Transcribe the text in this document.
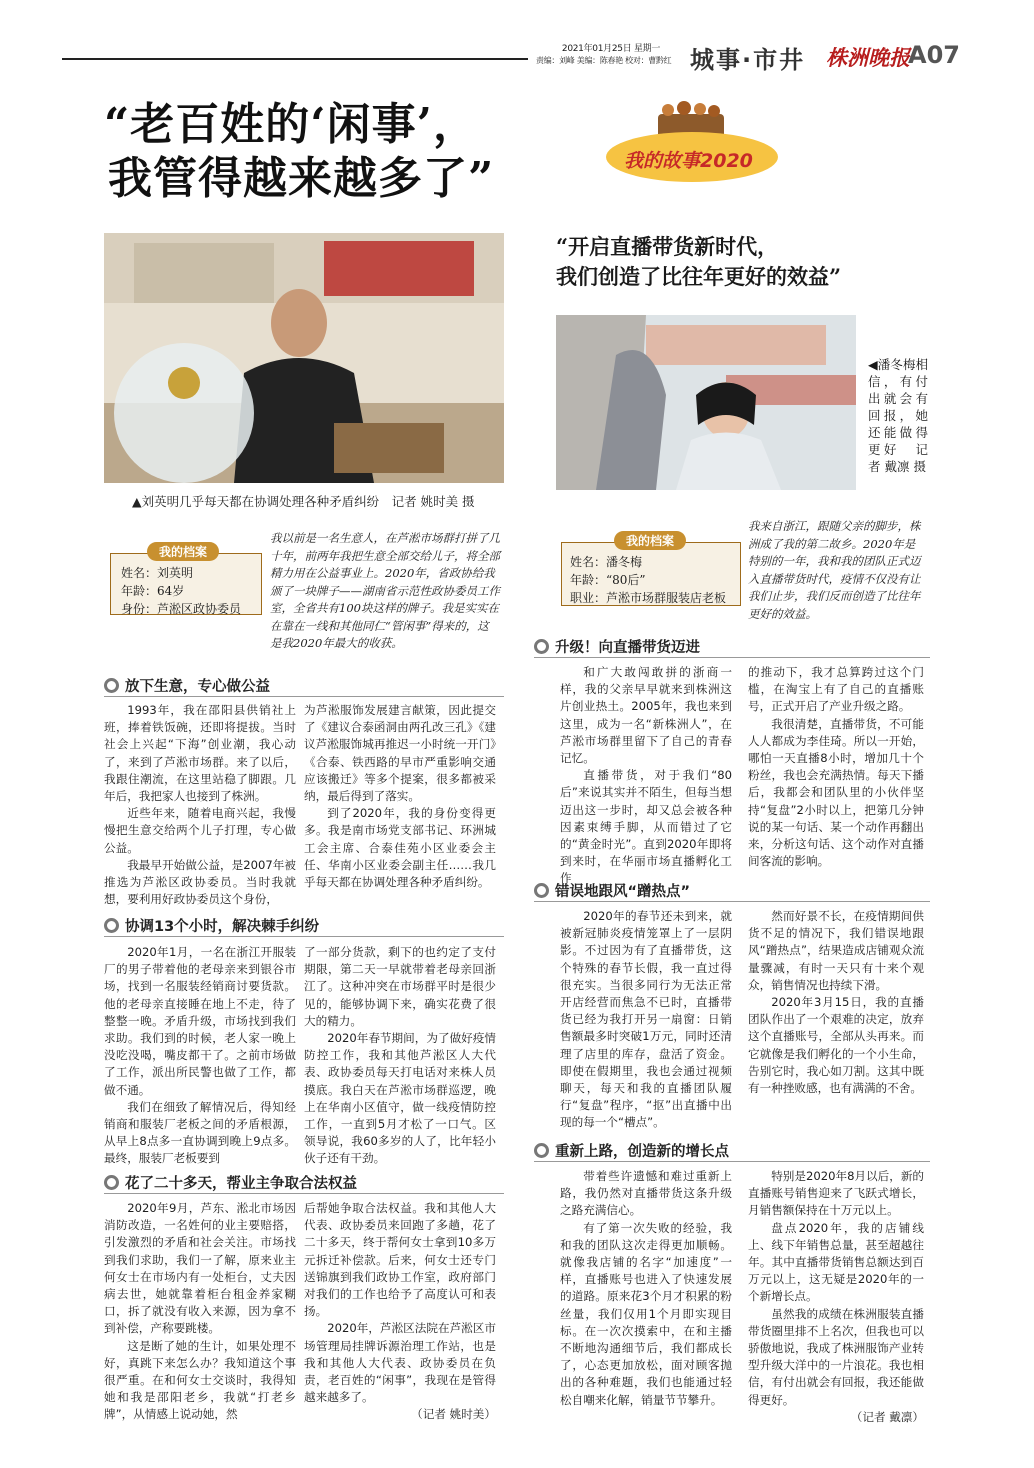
2021年01月25日 星期一
责编：刘峰 美编：陈春艳 校对：曹黔红 城事·市井 株洲晚报
A07
“老百姓的‘闲事’，
我管得越来越多了”	我的故事2020
▲刘英明几乎每天都在协调处理各种矛盾纠纷　记者 姚时美 摄
我的档案
姓名：刘英明
年龄：64岁
身份：芦淞区政协委员
我以前是一名生意人，在芦淞市场群打拼了几十年，前两年我把生意全部交给儿子，将全部精力用在公益事业上。2020年，省政协给我颁了一块牌子——湖南省示范性政协委员工作室，全省共有100块这样的牌子。我是实实在在靠在一线和其他同仁“管闲事”得来的，这是我2020年最大的收获。
放下生意，专心做公益

1993年，我在邵阳县供销社上班，捧着铁饭碗，还即将提拔。当时社会上兴起“下海”创业潮，我心动了，来到了芦淞市场群。来了以后，我跟住潮流，在这里站稳了脚跟。几年后，我把家人也接到了株洲。

近些年来，随着电商兴起，我慢慢把生意交给两个儿子打理，专心做公益。

我最早开始做公益，是2007年被推选为芦淞区政协委员。当时我就想，要利用好政协委员这个身份，

为芦淞服饰发展建言献策，因此提交了《建议合泰函洞由两孔改三孔》《建议芦淞服饰城再推迟一小时统一开门》《合泰、铁西路的早市严重影响交通应该搬迁》等多个提案，很多都被采纳，最后得到了落实。

到了2020年，我的身份变得更多。我是南市场党支部书记、环洲城工会主席、合泰佳苑小区业委会主任、华南小区业委会副主任……我几乎每天都在协调处理各种矛盾纠纷。

协调13个小时，解决棘手纠纷

2020年1月，一名在浙江开服装厂的男子带着他的老母亲来到银谷市场，找到一名服装经销商讨要货款。他的老母亲直接睡在地上不走，待了整整一晚。矛盾升级，市场找到我们求助。我们到的时候，老人家一晚上没吃没喝，嘴皮都干了。之前市场做了工作，派出所民警也做了工作，都做不通。

我们在细致了解情况后，得知经销商和服装厂老板之间的矛盾根源，从早上8点多一直协调到晚上9点多。最终，服装厂老板要到

了一部分货款，剩下的也约定了支付期限，第二天一早就带着老母亲回浙江了。这种冲突在市场群平时是很少见的，能够协调下来，确实花费了很大的精力。

2020年春节期间，为了做好疫情防控工作，我和其他芦淞区人大代表、政协委员每天打电话对来株人员摸底。我白天在芦淞市场群巡逻，晚上在华南小区值守，做一线疫情防控工作，一直到5月才松了一口气。区领导说，我60多岁的人了，比年轻小伙子还有干劲。

花了二十多天，帮业主争取合法权益

2020年9月，芦东、淞北市场因消防改造，一名姓何的业主要赔搭，引发激烈的矛盾和社会关注。市场找到我们求助，我们一了解，原来业主何女士在市场内有一处柜台，丈夫因病去世，她就靠着柜台租金养家糊口，拆了就没有收入来源，因为拿不到补偿，产称要跳楼。

这是断了她的生计，如果处理不好，真跳下来怎么办？我知道这个事很严重。在和何女士交谈时，我得知她和我是邵阳老乡，我就“打老乡牌”，从情感上说动她，然

后帮她争取合法权益。我和其他人大代表、政协委员来回跑了多趟，花了二十多天，终于帮何女士拿到10多万元拆迁补偿款。后来，何女士还专门送锦旗到我们政协工作室，政府部门对我们的工作也给予了高度认可和表扬。

2020年，芦淞区法院在芦淞区市场管理局挂牌诉源治理工作站，也是我和其他人大代表、政协委员在负责，老百姓的“闲事”，我现在是管得越来越多了。

（记者 姚时美）
“开启直播带货新时代，
我们创造了比往年更好的效益”
◀潘冬梅相信，有付出就会有回报，她还能做得更好　记者 戴凛 摄
我的档案
姓名：潘冬梅
年龄：“80后”
职业：芦淞市场群服装店老板
我来自浙江，跟随父亲的脚步，株洲成了我的第二故乡。2020年是特别的一年，我和我的团队正式迈入直播带货时代，疫情不仅没有让我们止步，我们反而创造了比往年更好的效益。
升级！向直播带货迈进

和广大敢闯敢拼的浙商一样，我的父亲早早就来到株洲这片创业热土。2005年，我也来到这里，成为一名“新株洲人”，在芦淞市场群里留下了自己的青春记忆。

直播带货，对于我们“80后”来说其实并不陌生，但每当想迈出这一步时，却又总会被各种因素束缚手脚，从而错过了它的“黄金时光”。直到2020年即将到来时，在华丽市场直播孵化工作

的推动下，我才总算跨过这个门槛，在淘宝上有了自己的直播账号，正式开启了产业升级之路。

我很清楚，直播带货，不可能人人都成为李佳琦。所以一开始，哪怕一天直播8小时，增加几十个粉丝，我也会充满热情。每天下播后，我都会和团队里的小伙伴坚持“复盘”2小时以上，把第几分钟说的某一句话、某一个动作再翻出来，分析这句话、这个动作对直播间客流的影响。

错误地跟风“蹭热点”

2020年的春节还未到来，就被新冠肺炎疫情笼罩上了一层阴影。不过因为有了直播带货，这个特殊的春节长假，我一直过得很充实。当很多同行为无法正常开店经营而焦急不已时，直播带货已经为我打开另一扇窗：日销售额最多时突破1万元，同时还清理了店里的库存，盘活了资金。即使在假期里，我也会通过视频聊天，每天和我的直播团队履行“复盘”程序，“抠”出直播中出现的每一个“槽点”。

然而好景不长，在疫情期间供货不足的情况下，我们错误地跟风“蹭热点”，结果造成店铺观众流量骤减，有时一天只有十来个观众，销售情况也持续下滑。

2020年3月15日，我的直播团队作出了一个艰难的决定，放弃这个直播账号，全部从头再来。而它就像是我们孵化的一个小生命，告别它时，我心如刀割。这其中既有一种挫败感，也有满满的不舍。

重新上路，创造新的增长点

带着些许遗憾和难过重新上路，我仍然对直播带货这条升级之路充满信心。

有了第一次失败的经验，我和我的团队这次走得更加顺畅。就像我店铺的名字“加速度”一样，直播账号也进入了快速发展的道路。原来花3个月才积累的粉丝量，我们仅用1个月即实现目标。在一次次摸索中，在和主播不断地沟通细节后，我们都成长了，心态更加放松，面对顾客抛出的各种难题，我们也能通过轻松自嘲来化解，销量节节攀升。

特别是2020年8月以后，新的直播账号销售迎来了飞跃式增长，月销售额保持在十万元以上。

盘点2020年，我的店铺线上、线下年销售总量，甚至超越往年。其中直播带货销售总额达到百万元以上，这无疑是2020年的一个新增长点。

虽然我的成绩在株洲服装直播带货圈里排不上名次，但我也可以骄傲地说，我成了株洲服饰产业转型升级大洋中的一片浪花。我也相信，有付出就会有回报，我还能做得更好。

（记者 戴凛）
